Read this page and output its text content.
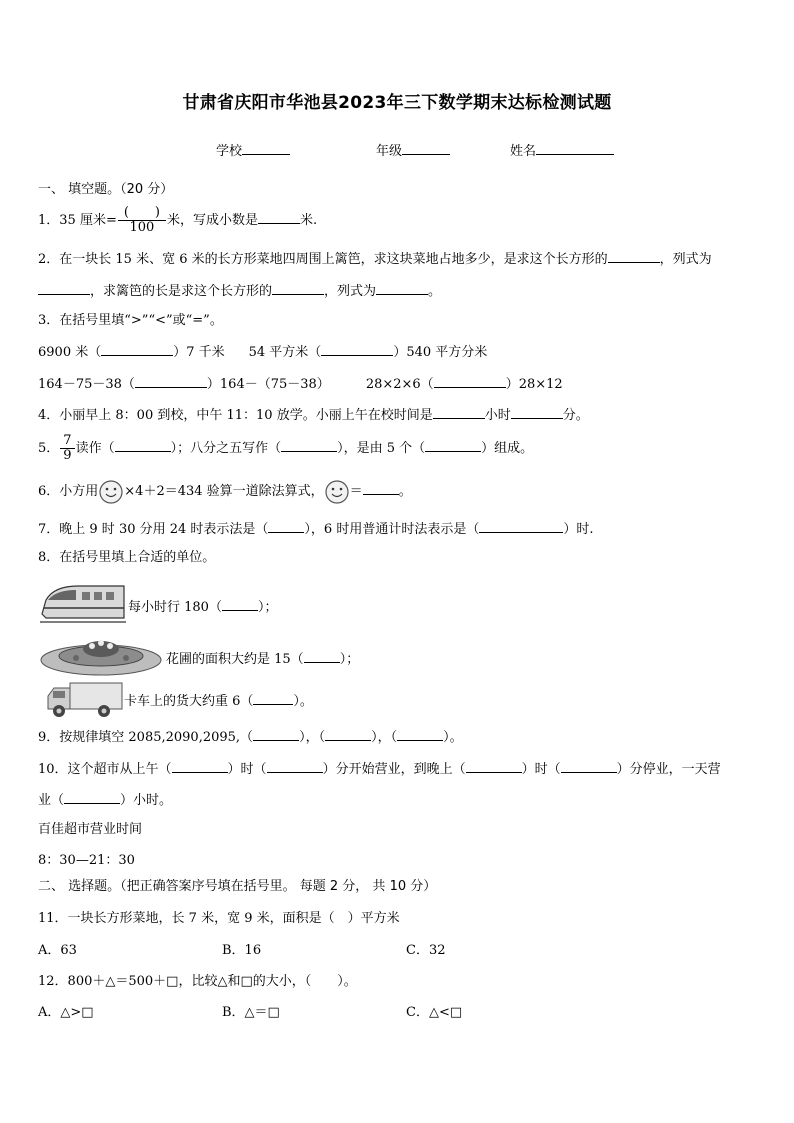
甘肃省庆阳市华池县2023年三下数学期末达标检测试题
学校	年级	姓名
一、 填空题。（20 分）
1．35 厘米= $\frac{( )}{100}$ 米，写成小数是	米.
2．在一块长 15 米、宽 6 米的长方形菜地四周围上篱笆，求这块菜地占地多少，是求这个长方形的	，列式为
，求篱笆的长是求这个长方形的	，列式为	。
3．在括号里填“>”“<”或“=”。
6900 米（	）7 千米 54 平方米（	）540 平方分米
164－75－38（	）164－（75－38）	28×2×6（	）28×12
4．小丽早上 8：00 到校，中午 11：10 放学。小丽上午在校时间是	小时	分。
5． $\frac{7}{9}$ 读作（	）；八分之五写作（	），是由 5 个（	）组成。
6．小方用 ×4＋2＝434 验算一道除法算式， ＝	。
7．晚上 9 时 30 分用 24 时表示法是（	），6 时用普通计时法表示是（	）时.
8．在括号里填上合适的单位。
每小时行 180（	）；
花圃的面积大约是 15（	）；
卡车上的货大约重 6（	）。
9．按规律填空 2085,2090,2095,（	），（	），（	）。
10．这个超市从上午（	）时（	）分开始营业，到晚上（	）时（	）分停业，一天营
业（	）小时。
百佳超市营业时间
8：30—21：30
二、 选择题。（把正确答案序号填在括号里。 每题 2 分， 共 10 分）
11．一块长方形菜地，长 7 米，宽 9 米，面积是（　）平方米
A．63	B．16	C．32
12．800＋△＝500＋□，比较△和□的大小，（　　）。
A．△>□	B．△＝□	C．△<□
